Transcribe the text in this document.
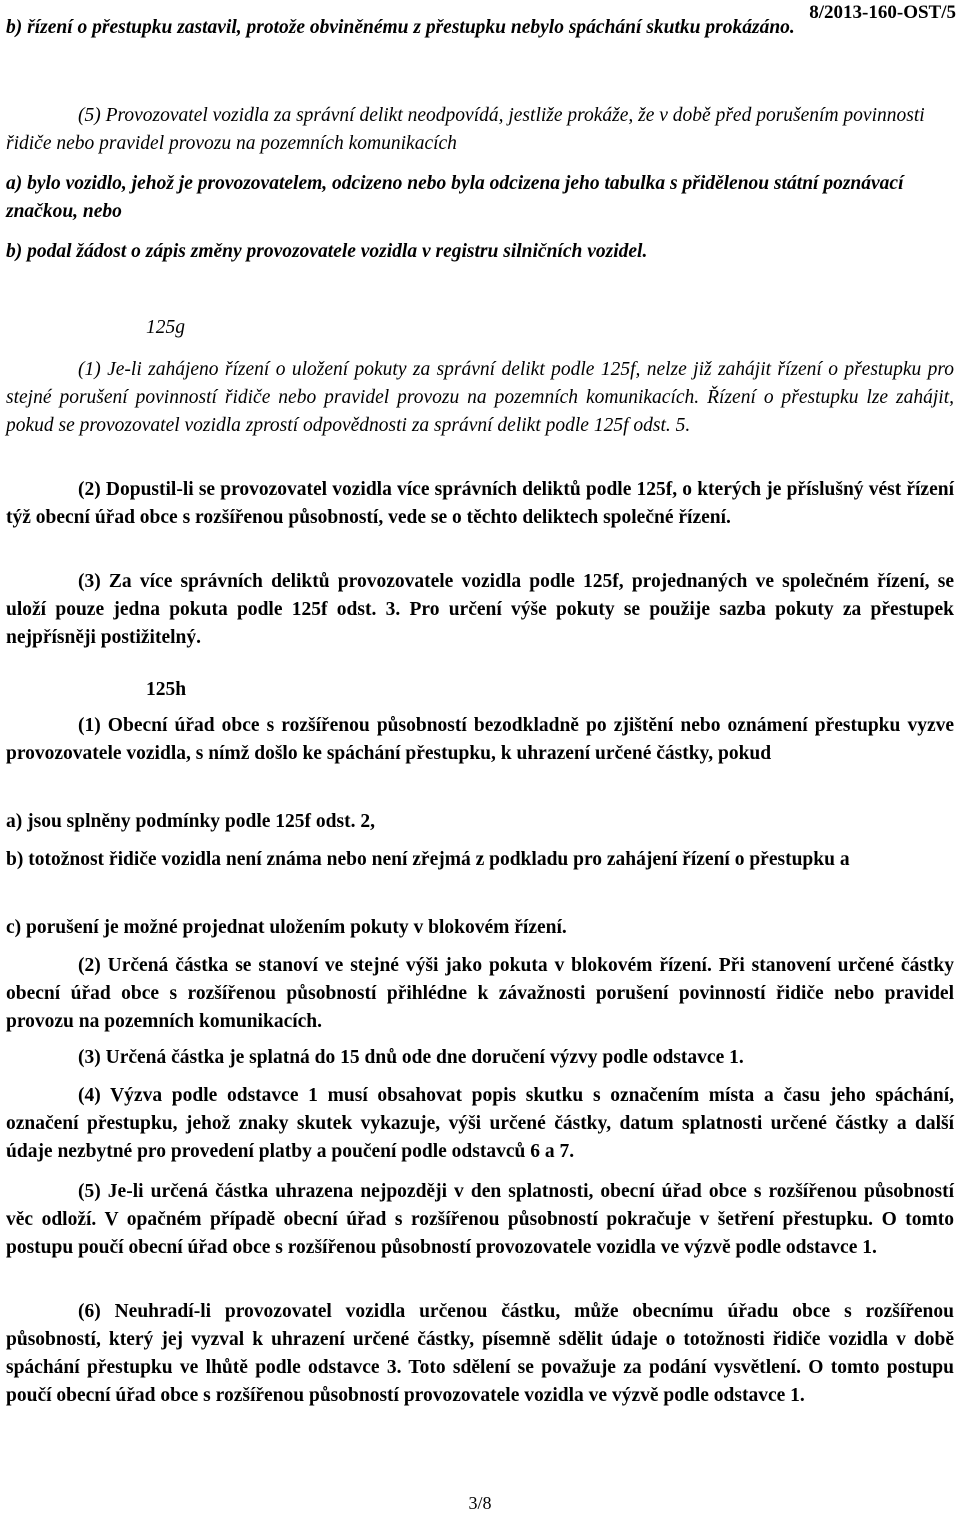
8/2013-160-OST/5

b) řízení o přestupku zastavil, protože obviněnému z přestupku nebylo spáchání skutku prokázáno.

(5) Provozovatel vozidla za správní delikt neodpovídá, jestliže prokáže, že v době před porušením povinnosti řidiče nebo pravidel provozu na pozemních komunikacích

a) bylo vozidlo, jehož je provozovatelem, odcizeno nebo byla odcizena jeho tabulka s přidělenou státní poznávací značkou, nebo

b) podal žádost o zápis změny provozovatele vozidla v registru silničních vozidel.

125g

(1) Je-li zahájeno řízení o uložení pokuty za správní delikt podle 125f, nelze již zahájit řízení o přestupku pro stejné porušení povinností řidiče nebo pravidel provozu na pozemních komunikacích. Řízení o přestupku lze zahájit, pokud se provozovatel vozidla zprostí odpovědnosti za správní delikt podle 125f odst. 5.

(2) Dopustil-li se provozovatel vozidla více správních deliktů podle 125f, o kterých je příslušný vést řízení týž obecní úřad obce s rozšířenou působností, vede se o těchto deliktech společné řízení.

(3) Za více správních deliktů provozovatele vozidla podle 125f, projednaných ve společném řízení, se uloží pouze jedna pokuta podle 125f odst. 3. Pro určení výše pokuty se použije sazba pokuty za přestupek nejpřísněji postižitelný.

125h

(1) Obecní úřad obce s rozšířenou působností bezodkladně po zjištění nebo oznámení přestupku vyzve provozovatele vozidla, s nímž došlo ke spáchání přestupku, k uhrazení určené částky, pokud

a) jsou splněny podmínky podle 125f odst. 2,

b) totožnost řidiče vozidla není známa nebo není zřejmá z podkladu pro zahájení řízení o přestupku a

c) porušení je možné projednat uložením pokuty v blokovém řízení.

(2) Určená částka se stanoví ve stejné výši jako pokuta v blokovém řízení. Při stanovení určené částky obecní úřad obce s rozšířenou působností přihlédne k závažnosti porušení povinností řidiče nebo pravidel provozu na pozemních komunikacích.

(3) Určená částka je splatná do 15 dnů ode dne doručení výzvy podle odstavce 1.

(4) Výzva podle odstavce 1 musí obsahovat popis skutku s označením místa a času jeho spáchání, označení přestupku, jehož znaky skutek vykazuje, výši určené částky, datum splatnosti určené částky a další údaje nezbytné pro provedení platby a poučení podle odstavců 6 a 7.

(5) Je-li určená částka uhrazena nejpozději v den splatnosti, obecní úřad obce s rozšířenou působností věc odloží. V opačném případě obecní úřad s rozšířenou působností pokračuje v šetření přestupku. O tomto postupu poučí obecní úřad obce s rozšířenou působností provozovatele vozidla ve výzvě podle odstavce 1.

(6) Neuhradí-li provozovatel vozidla určenou částku, může obecnímu úřadu obce s rozšířenou působností, který jej vyzval k uhrazení určené částky, písemně sdělit údaje o totožnosti řidiče vozidla v době spáchání přestupku ve lhůtě podle odstavce 3. Toto sdělení se považuje za podání vysvětlení. O tomto postupu poučí obecní úřad obce s rozšířenou působností provozovatele vozidla ve výzvě podle odstavce 1.

3/8
